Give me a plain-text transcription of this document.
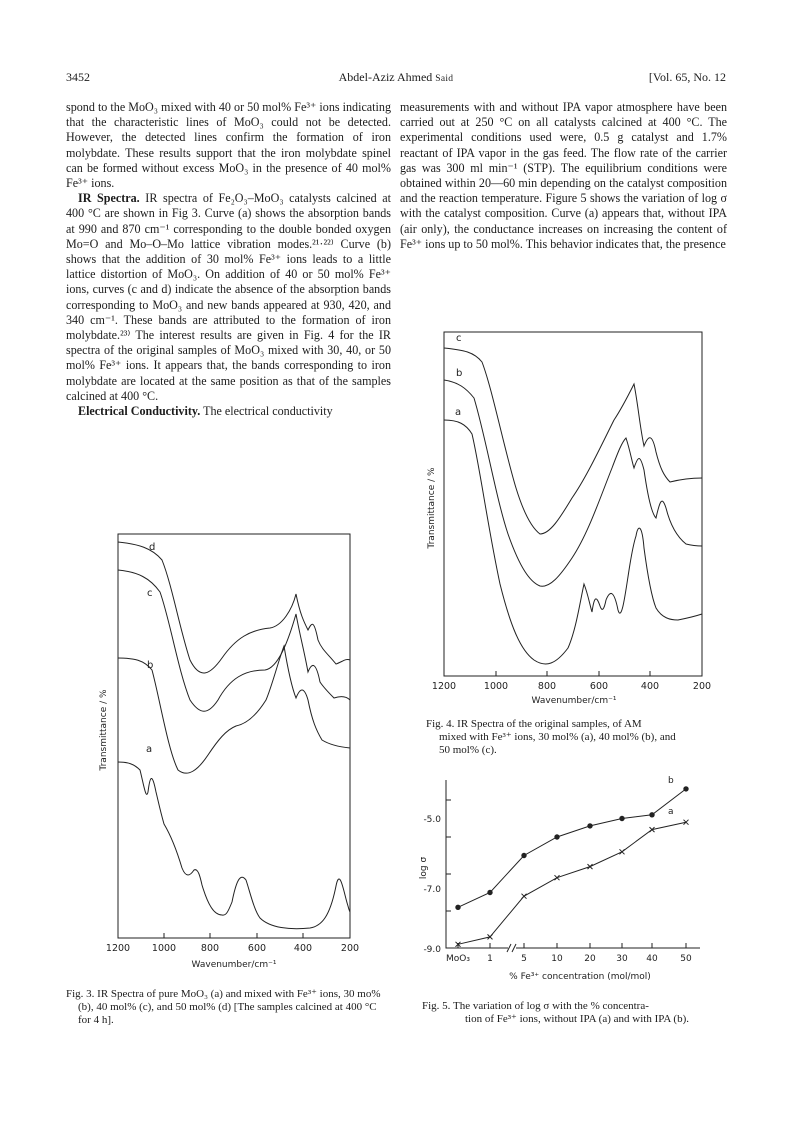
3452	Abdel-Aziz Ahmed Said	[Vol. 65, No. 12

spond to the MoO₃ mixed with 40 or 50 mol% Fe³⁺ ions indicating that the characteristic lines of MoO₃ could not be detected. However, the detected lines confirm the formation of iron molybdate. These results support that the iron molybdate spinel can be formed without excess MoO₃ in the presence of 40 mol% Fe³⁺ ions.

IR Spectra. IR spectra of Fe₂O₃–MoO₃ catalysts calcined at 400 °C are shown in Fig 3. Curve (a) shows the absorption bands at 990 and 870 cm⁻¹ corresponding to the double bonded oxygen Mo=O and Mo–O–Mo lattice vibration modes.²¹·²²⁾ Curve (b) shows that the addition of 30 mol% Fe³⁺ ions leads to a little lattice distortion of MoO₃. On addition of 40 or 50 mol% Fe³⁺ ions, curves (c and d) indicate the absence of the absorption bands corresponding to MoO₃ and new bands appeared at 930, 420, and 340 cm⁻¹. These bands are attributed to the formation of iron molybdate.²³⁾ The interest results are given in Fig. 4 for the IR spectra of the original samples of MoO₃ mixed with 30, 40, or 50 mol% Fe³⁺ ions. It appears that, the bands corresponding to iron molybdate are located at the same position as that of the samples calcined at 400 °C.

Electrical Conductivity. The electrical conductivity

measurements with and without IPA vapor atmosphere have been carried out at 250 °C on all catalysts calcined at 400 °C. The experimental conditions used were, 0.5 g catalyst and 1.7% reactant of IPA vapor in the gas feed. The flow rate of the carrier gas was 300 ml min⁻¹ (STP). The equilibrium conditions were obtained within 20—60 min depending on the catalyst composition and the reaction temperature. Figure 5 shows the variation of log σ with the catalyst composition. Curve (a) appears that, without IPA (air only), the conductance increases on increasing the content of Fe³⁺ ions up to 50 mol%. This behavior indicates that, the presence

1200 1000	800	600	400	200
Wavenumber/cm⁻¹
Transmittance / %
d
c
b
a

Fig. 3. IR Spectra of pure MoO₃ (a) and mixed with Fe³⁺ ions, 30 mo% (b), 40 mol% (c), and 50 mol% (d) [The samples calcined at 400 °C for 4 h].

1200	1000	800	600	400	200
Wavenumber/cm⁻¹
Transmittance / %
c
b
a

Fig. 4. IR Spectra of the original samples, of AM

mixed with Fe³⁺ ions, 30 mol% (a), 40 mol% (b), and

50 mol% (c).

a
b
-5.0
-7.0
-9.0
MoO₃ 1	5	10 20 30 40	50
% Fe³⁺ concentration (mol/mol)
log σ

Fig. 5. The variation of log σ with the % concentra-

tion of Fe³⁺ ions, without IPA (a) and with IPA (b).
